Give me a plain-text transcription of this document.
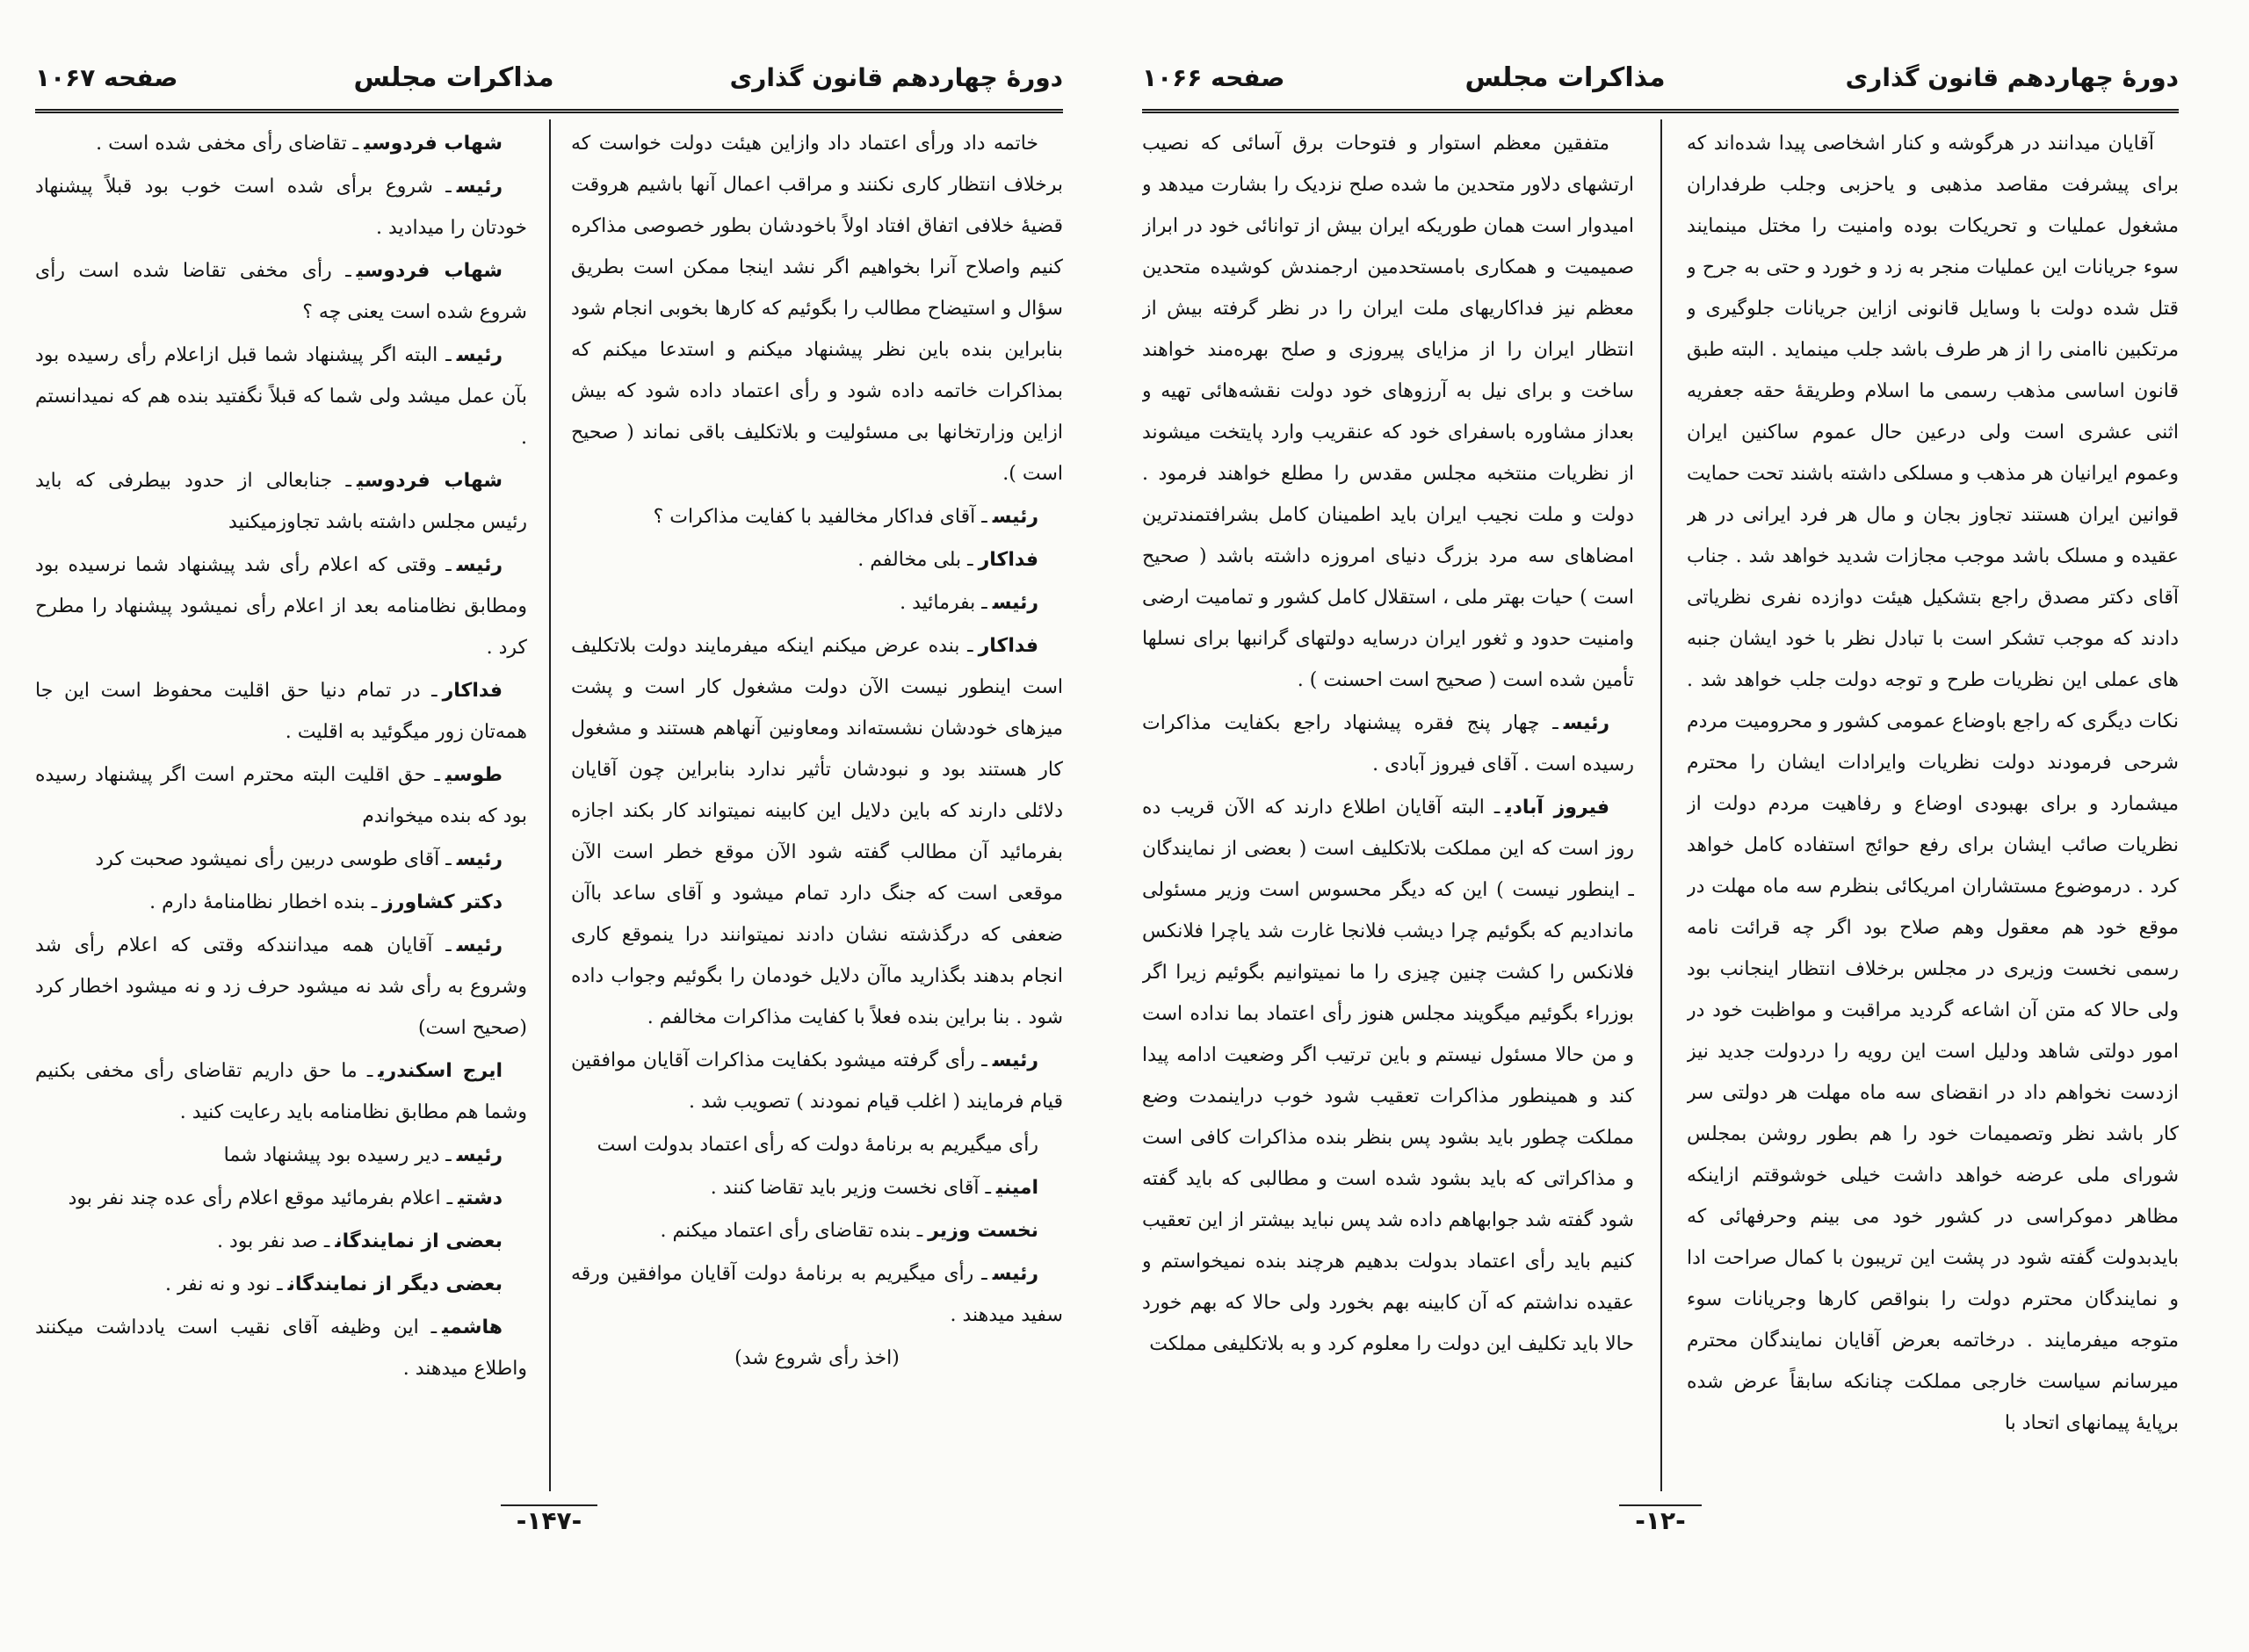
دورهٔ چهاردهم قانون گذاری
مذاکرات مجلس
صفحه ۱۰۶۷

خاتمه داد ورأی اعتماد داد وازاین هیئت دولت خواست که برخلاف انتظار کاری نکنند و مراقب اعمال آنها باشیم هروقت قضیهٔ خلافی اتفاق افتاد اولاً باخودشان بطور خصوصی مذاکره کنیم واصلاح آنرا بخواهیم اگر نشد اینجا ممکن است بطریق سؤال و استیضاح مطالب را بگوئیم که کارها بخوبی انجام شود بنابراین بنده باین نظر پیشنهاد میکنم و استدعا میکنم که بمذاکرات خاتمه داده شود و رأی اعتماد داده شود که بیش ازاین وزارتخانها بی مسئولیت و بلاتکلیف باقی نماند ( صحیح است ).

رئیسـ آقای فداکار مخالفید با کفایت مذاکرات ؟

فداکارـ بلی مخالفم .

رئیسـ بفرمائید .

فداکارـ بنده عرض میکنم اینکه میفرمایند دولت بلاتکلیف است اینطور نیست الآن دولت مشغول کار است و پشت میزهای خودشان نشسته‌اند ومعاونین آنهاهم هستند و مشغول کار هستند بود و نبودشان تأثیر ندارد بنابراین چون آقایان دلائلی دارند که باین دلایل این کابینه نمیتواند کار بکند اجازه بفرمائید آن مطالب گفته شود الآن موقع خطر است الآن موقعی است که جنگ دارد تمام میشود و آقای ساعد باآن ضعفی که درگذشته نشان دادند نمیتوانند درا ینموقع کاری انجام بدهند بگذارید ماآن دلایل خودمان را بگوئیم وجواب داده شود . بنا براین بنده فعلاً با کفایت مذاکرات مخالفم .

رئیسـ رأی گرفته میشود بکفایت مذاکرات آقایان موافقین قیام فرمایند ( اغلب قیام نمودند ) تصویب شد .

رأی میگیریم به برنامهٔ دولت که رأی اعتماد بدولت است

امینیـ آقای نخست وزیر باید تقاضا کنند .

نخست وزیرـ بنده تقاضای رأی اعتماد میکنم .

رئیسـ رأی میگیریم به برنامهٔ دولت آقایان موافقین ورقه سفید میدهند .

(اخذ رأی شروع شد)

شهاب فردوسیـ تقاضای رأی مخفی شده است .

رئیسـ شروع برأی شده است خوب بود قبلاً پیشنهاد خودتان را میدادید .

شهاب فردوسیـ رأی مخفی تقاضا شده است رأی شروع شده است یعنی چه ؟

رئیسـ البته اگر پیشنهاد شما قبل ازاعلام رأی رسیده بود بآن عمل میشد ولی شما که قبلاً نگفتید بنده هم که نمیدانستم .

شهاب فردوسیـ جنابعالی از حدود بیطرفی که باید رئیس مجلس داشته باشد تجاوزمیکنید

رئیسـ وقتی که اعلام رأی شد پیشنهاد شما نرسیده بود ومطابق نظامنامه بعد از اعلام رأی نمیشود پیشنهاد را مطرح کرد .

فداکارـ در تمام دنیا حق اقلیت محفوظ است این جا همه‌تان زور میگوئید به اقلیت .

طوسیـ حق اقلیت البته محترم است اگر پیشنهاد رسیده بود که بنده میخواندم

رئیسـ آقای طوسی دربین رأی نمیشود صحبت کرد

دکتر کشاورزـ بنده اخطار نظامنامهٔ دارم .

رئیسـ آقایان همه میدانندکه وقتی که اعلام رأی شد وشروع به رأی شد نه میشود حرف زد و نه میشود اخطار کرد (صحیح است)

ایرج اسکندریـ ما حق داریم تقاضای رأی مخفی بکنیم وشما هم مطابق نظامنامه باید رعایت کنید .

رئیسـ دیر رسیده بود پیشنهاد شما

دشتیـ اعلام بفرمائید موقع اعلام رأی عده چند نفر بود

بعضی از نمایندگانـ صد نفر بود .

بعضی دیگر از نمایندگانـ نود و نه نفر .

هاشمیـ این وظیفه آقای نقیب است یادداشت میکنند واطلاع میدهند .

-۱۴۷-
دورهٔ چهاردهم قانون گذاری
مذاکرات مجلس
صفحه ۱۰۶۶

آقایان میدانند در هرگوشه و کنار اشخاصی پیدا شده‌اند که برای پیشرفت مقاصد مذهبی و یاحزبی وجلب طرفداران مشغول عملیات و تحریکات بوده وامنیت را مختل مینمایند سوء جریانات این عملیات منجر به زد و خورد و حتی به جرح و قتل شده دولت با وسایل قانونی ازاین جریانات جلوگیری و مرتکبین ناامنی را از هر طرف باشد جلب مینماید . البته طبق قانون اساسی مذهب رسمی ما اسلام وطریقهٔ حقه جعفریه اثنی عشری است ولی درعین حال عموم ساکنین ایران وعموم ایرانیان هر مذهب و مسلکی داشته باشند تحت حمایت قوانین ایران هستند تجاوز بجان و مال هر فرد ایرانی در هر عقیده و مسلک باشد موجب مجازات شدید خواهد شد . جناب آقای دکتر مصدق راجع بتشکیل هیئت دوازده نفری نظریاتی دادند که موجب تشکر است با تبادل نظر با خود ایشان جنبه های عملی این نظریات طرح و توجه دولت جلب خواهد شد . نکات دیگری که راجع باوضاع عمومی کشور و محرومیت مردم شرحی فرمودند دولت نظریات وایرادات ایشان را محترم میشمارد و برای بهبودی اوضاع و رفاهیت مردم دولت از نظریات صائب ایشان برای رفع حوائج استفاده کامل خواهد کرد . درموضوع مستشاران امریکائی بنظرم سه ماه مهلت در موقع خود هم معقول وهم صلاح بود اگر چه قرائت نامه رسمی نخست وزیری در مجلس برخلاف انتظار اینجانب بود ولی حالا که متن آن اشاعه گردید مراقبت و مواظبت خود در امور دولتی شاهد ودلیل است این رویه را دردولت جدید نیز ازدست نخواهم داد در انقضای سه ماه مهلت هر دولتی سر کار باشد نظر وتصمیمات خود را هم بطور روشن بمجلس شورای ملی عرضه خواهد داشت خیلی خوشوقتم ازاینکه مظاهر دموکراسی در کشور خود می بینم وحرفهائی که بایدبدولت گفته شود در پشت این تریبون با کمال صراحت ادا و نمایندگان محترم دولت را بنواقص کارها وجریانات سوء متوجه میفرمایند . درخاتمه بعرض آقایان نمایندگان محترم میرسانم سیاست خارجی مملکت چنانکه سابقاً عرض شده برپایهٔ پیمانهای اتحاد با

متفقین معظم استوار و فتوحات برق آسائی که نصیب ارتشهای دلاور متحدین ما شده صلح نزدیک را بشارت میدهد و امیدوار است همان طوریکه ایران بیش از توانائی خود در ابراز صمیمیت و همکاری بامستحدمین ارجمندش کوشیده متحدین معظم نیز فداکاریهای ملت ایران را در نظر گرفته بیش از انتظار ایران را از مزایای پیروزی و صلح بهره‌مند خواهند ساخت و برای نیل به آرزوهای خود دولت نقشه‌هائی تهیه و بعداز مشاوره باسفرای خود که عنقریب وارد پایتخت میشوند از نظریات منتخبه مجلس مقدس را مطلع خواهند فرمود . دولت و ملت نجیب ایران باید اطمینان کامل بشرافتمندترین امضاهای سه مرد بزرگ دنیای امروزه داشته باشد ( صحیح است ) حیات بهتر ملی ، استقلال کامل کشور و تمامیت ارضی وامنیت حدود و ثغور ایران درسایه دولتهای گرانبها برای نسلها تأمین شده است ( صحیح است احسنت ) .

رئیسـ چهار پنج فقره پیشنهاد راجع بکفایت مذاکرات رسیده است . آقای فیروز آبادی .

فیروز آبادیـ البته آقایان اطلاع دارند که الآن قریب ده روز است که این مملکت بلاتکلیف است ( بعضی از نمایندگان ـ اینطور نیست ) این که دیگر محسوس است وزیر مسئولی ماندادیم که بگوئیم چرا دیشب فلانجا غارت شد یاچرا فلانکس فلانکس را کشت چنین چیزی را ما نمیتوانیم بگوئیم زیرا اگر بوزراء بگوئیم میگویند مجلس هنوز رأی اعتماد بما نداده است و من حالا مسئول نیستم و باین ترتیب اگر وضعیت ادامه پیدا کند و همینطور مذاکرات تعقیب شود خوب دراینمدت وضع مملکت چطور باید بشود پس بنظر بنده مذاکرات کافی است و مذاکراتی که باید بشود شده است و مطالبی که باید گفته شود گفته شد جوابهاهم داده شد پس نباید بیشتر از این تعقیب کنیم باید رأی اعتماد بدولت بدهیم هرچند بنده نمیخواستم و عقیده نداشتم که آن کابینه بهم بخورد ولی حالا که بهم خورد حالا باید تکلیف این دولت را معلوم کرد و به بلاتکلیفی مملکت

-۱۲-
